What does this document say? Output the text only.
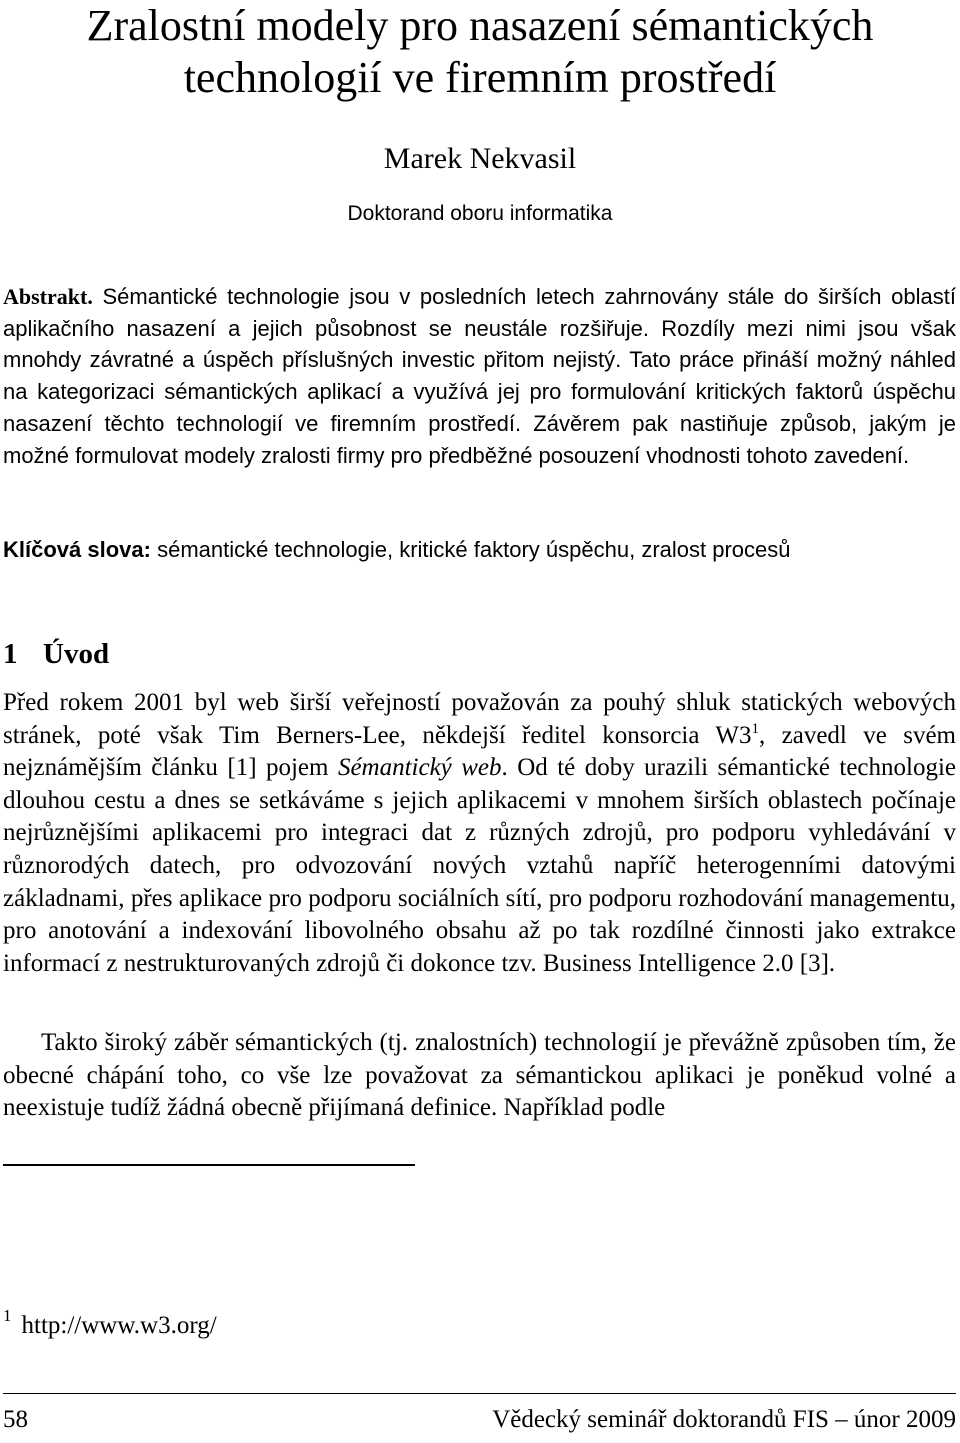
Zralostní modely pro nasazení sémantických technologií ve firemním prostředí
Marek Nekvasil
Doktorand oboru informatika
Abstrakt. Sémantické technologie jsou v posledních letech zahrnovány stále do širších oblastí aplikačního nasazení a jejich působnost se neustále rozšiřuje. Rozdíly mezi nimi jsou však mnohdy závratné a úspěch příslušných investic přitom nejistý. Tato práce přináší možný náhled na kategorizaci sémantických aplikací a využívá jej pro formulování kritických faktorů úspěchu nasazení těchto technologií ve firemním prostředí. Závěrem pak nastiňuje způsob, jakým je možné formulovat modely zralosti firmy pro předběžné posouzení vhodnosti tohoto zavedení.
Klíčová slova: sémantické technologie, kritické faktory úspěchu, zralost procesů
1 Úvod
Před rokem 2001 byl web širší veřejností považován za pouhý shluk statických webových stránek, poté však Tim Berners-Lee, někdejší ředitel konsorcia $W3^1$, zavedl ve svém nejznámějším článku [1] pojem Sémantický web. Od té doby urazili sémantické technologie dlouhou cestu a dnes se setkáváme s jejich aplikacemi v mnohem širších oblastech počínaje nejrůznějšími aplikacemi pro integraci dat z různých zdrojů, pro podporu vyhledávání v různorodých datech, pro odvozování nových vztahů napříč heterogenními datovými základnami, přes aplikace pro podporu sociálních sítí, pro podporu rozhodování managementu, pro anotování a indexování libovolného obsahu až po tak rozdílné činnosti jako extrakce informací z nestrukturovaných zdrojů či dokonce tzv. Business Intelligence 2.0 [3].
Takto široký záběr sémantických (tj. znalostních) technologií je převážně způsoben tím, že obecné chápání toho, co vše lze považovat za sémantickou aplikaci je poněkud volné a neexistuje tudíž žádná obecně přijímaná definice. Například podle
$^1$ http://www.w3.org/
58	Vědecký seminář doktorandů FIS – únor 2009
